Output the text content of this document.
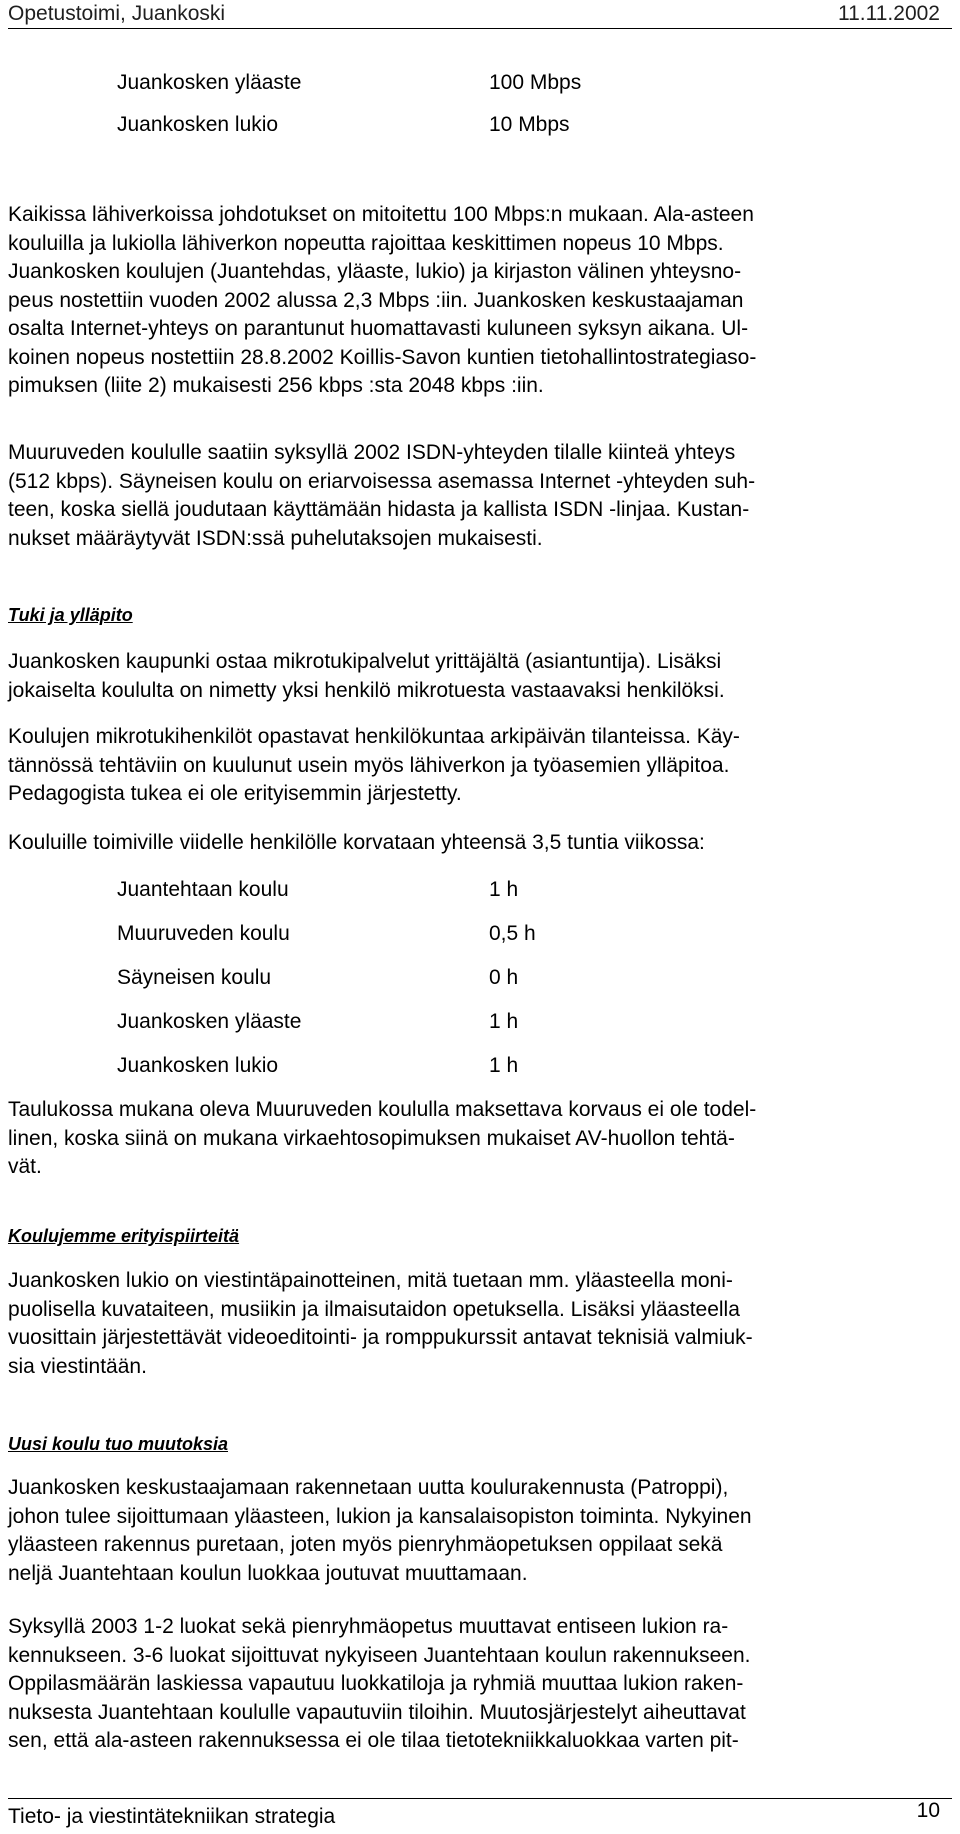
Opetustoimi, Juankoski	11.11.2002
Juankosken yläaste	100 Mbps
Juankosken lukio	10 Mbps
Kaikissa lähiverkoissa johdotukset on mitoitettu 100 Mbps:n mukaan. Ala-asteen
kouluilla ja lukiolla lähiverkon nopeutta rajoittaa keskittimen nopeus 10 Mbps.
Juankosken koulujen (Juantehdas, yläaste, lukio) ja kirjaston välinen yhteysno-
peus nostettiin vuoden 2002 alussa 2,3 Mbps :iin. Juankosken keskustaajaman
osalta Internet-yhteys on parantunut huomattavasti kuluneen syksyn aikana. Ul-
koinen nopeus nostettiin 28.8.2002 Koillis-Savon kuntien tietohallintostrategiaso-
pimuksen (liite 2) mukaisesti 256 kbps :sta 2048 kbps :iin.
Muuruveden koululle saatiin syksyllä 2002 ISDN-yhteyden tilalle kiinteä yhteys
(512 kbps). Säyneisen koulu on eriarvoisessa asemassa Internet -yhteyden suh-
teen, koska siellä joudutaan käyttämään hidasta ja kallista ISDN -linjaa. Kustan-
nukset määräytyvät ISDN:ssä puhelutaksojen mukaisesti.
Tuki ja ylläpito
Juankosken kaupunki ostaa mikrotukipalvelut yrittäjältä (asiantuntija). Lisäksi
jokaiselta koululta on nimetty yksi henkilö mikrotuesta vastaavaksi henkilöksi.
Koulujen mikrotukihenkilöt opastavat henkilökuntaa arkipäivän tilanteissa. Käy-
tännössä tehtäviin on kuulunut usein myös lähiverkon ja työasemien ylläpitoa.
Pedagogista tukea ei ole erityisemmin järjestetty.
Kouluille toimiville viidelle henkilölle korvataan yhteensä 3,5 tuntia viikossa:
Juantehtaan koulu	1 h
Muuruveden koulu	0,5 h
Säyneisen koulu	0 h
Juankosken yläaste	1 h
Juankosken lukio	1 h
Taulukossa mukana oleva Muuruveden koululla maksettava korvaus ei ole todel-
linen, koska siinä on mukana virkaehtosopimuksen mukaiset AV-huollon tehtä-
vät.
Koulujemme erityispiirteitä
Juankosken lukio on viestintäpainotteinen, mitä tuetaan mm. yläasteella moni-
puolisella kuvataiteen, musiikin ja ilmaisutaidon opetuksella. Lisäksi yläasteella
vuosittain järjestettävät videoeditointi- ja romppukurssit antavat teknisiä valmiuk-
sia viestintään.
Uusi koulu tuo muutoksia
Juankosken keskustaajamaan rakennetaan uutta koulurakennusta (Patroppi),
johon tulee sijoittumaan yläasteen, lukion ja kansalaisopiston toiminta. Nykyinen
yläasteen rakennus puretaan, joten myös pienryhmäopetuksen oppilaat sekä
neljä Juantehtaan koulun luokkaa joutuvat muuttamaan.
Syksyllä 2003 1-2 luokat sekä pienryhmäopetus muuttavat entiseen lukion ra-
kennukseen. 3-6 luokat sijoittuvat nykyiseen Juantehtaan koulun rakennukseen.
Oppilasmäärän laskiessa vapautuu luokkatiloja ja ryhmiä muuttaa lukion raken-
nuksesta Juantehtaan koululle vapautuviin tiloihin. Muutosjärjestelyt aiheuttavat
sen, että ala-asteen rakennuksessa ei ole tilaa tietotekniikkaluokkaa varten pit-
Tieto- ja viestintätekniikan strategia	10
